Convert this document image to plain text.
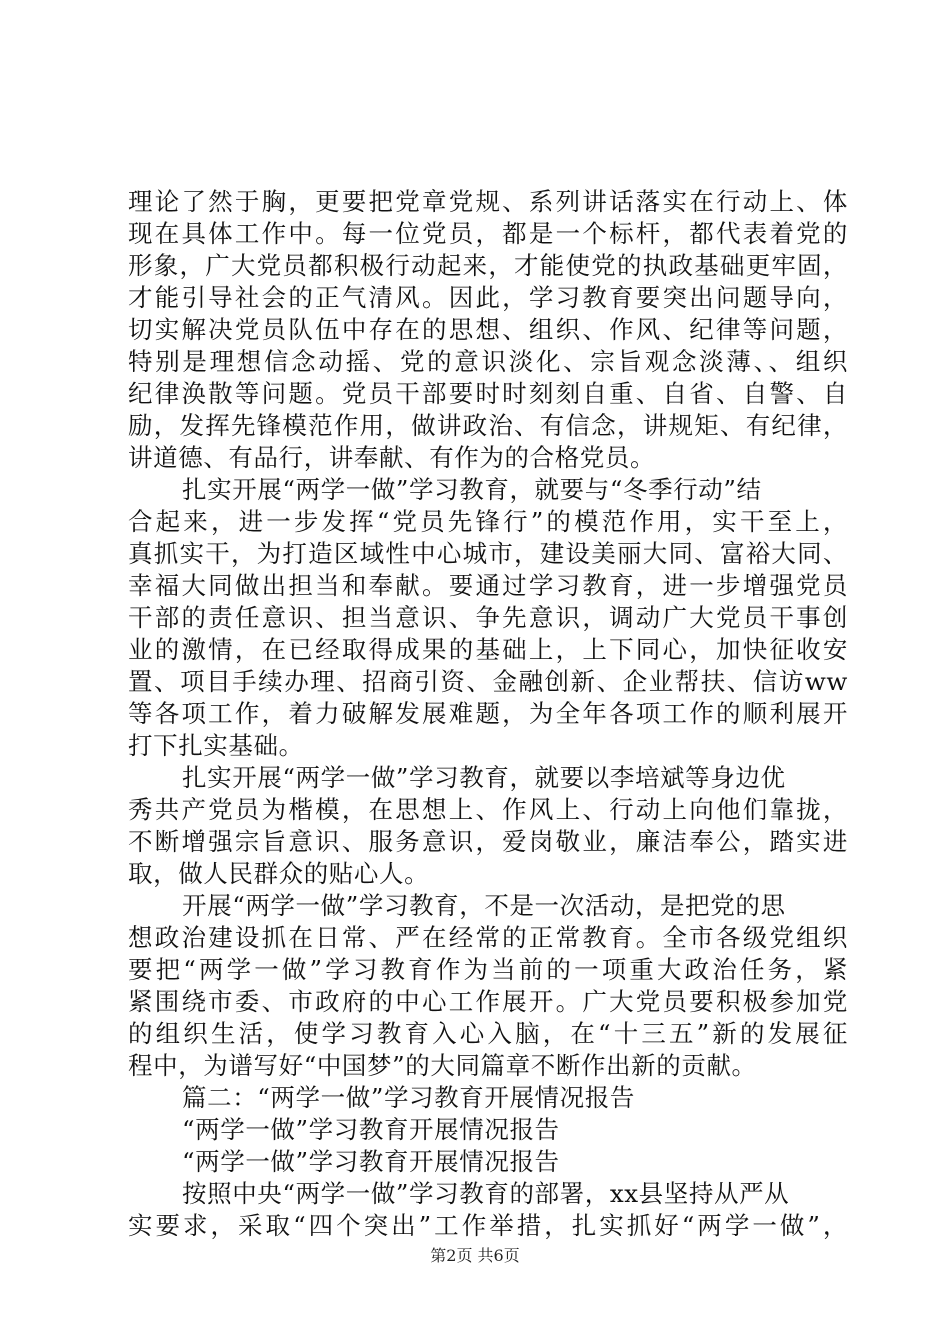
理论了然于胸，更要把党章党规、系列讲话落实在行动上、体
现在具体工作中。每一位党员，都是一个标杆，都代表着党的
形象，广大党员都积极行动起来，才能使党的执政基础更牢固，
才能引导社会的正气清风。因此，学习教育要突出问题导向，
切实解决党员队伍中存在的思想、组织、作风、纪律等问题，
特别是理想信念动摇、党的意识淡化、宗旨观念淡薄、、组织
纪律涣散等问题。党员干部要时时刻刻自重、自省、自警、自
励，发挥先锋模范作用，做讲政治、有信念，讲规矩、有纪律，
讲道德、有品行，讲奉献、有作为的合格党员。
扎实开展“两学一做”学习教育，就要与“冬季行动”结
合起来，进一步发挥“党员先锋行”的模范作用，实干至上，
真抓实干，为打造区域性中心城市，建设美丽大同、富裕大同、
幸福大同做出担当和奉献。要通过学习教育，进一步增强党员
干部的责任意识、担当意识、争先意识，调动广大党员干事创
业的激情，在已经取得成果的基础上，上下同心，加快征收安
置、项目手续办理、招商引资、金融创新、企业帮扶、信访ww
等各项工作，着力破解发展难题，为全年各项工作的顺利展开
打下扎实基础。
扎实开展“两学一做”学习教育，就要以李培斌等身边优
秀共产党员为楷模，在思想上、作风上、行动上向他们靠拢，
不断增强宗旨意识、服务意识，爱岗敬业，廉洁奉公，踏实进
取，做人民群众的贴心人。
开展“两学一做”学习教育，不是一次活动，是把党的思
想政治建设抓在日常、严在经常的正常教育。全市各级党组织
要把“两学一做”学习教育作为当前的一项重大政治任务，紧
紧围绕市委、市政府的中心工作展开。广大党员要积极参加党
的组织生活，使学习教育入心入脑，在“十三五”新的发展征
程中，为谱写好“中国梦”的大同篇章不断作出新的贡献。
篇二：“两学一做”学习教育开展情况报告
“两学一做”学习教育开展情况报告
“两学一做”学习教育开展情况报告
按照中央“两学一做”学习教育的部署，xx县坚持从严从
实要求，采取“四个突出”工作举措，扎实抓好“两学一做”，
第2页 共6页
